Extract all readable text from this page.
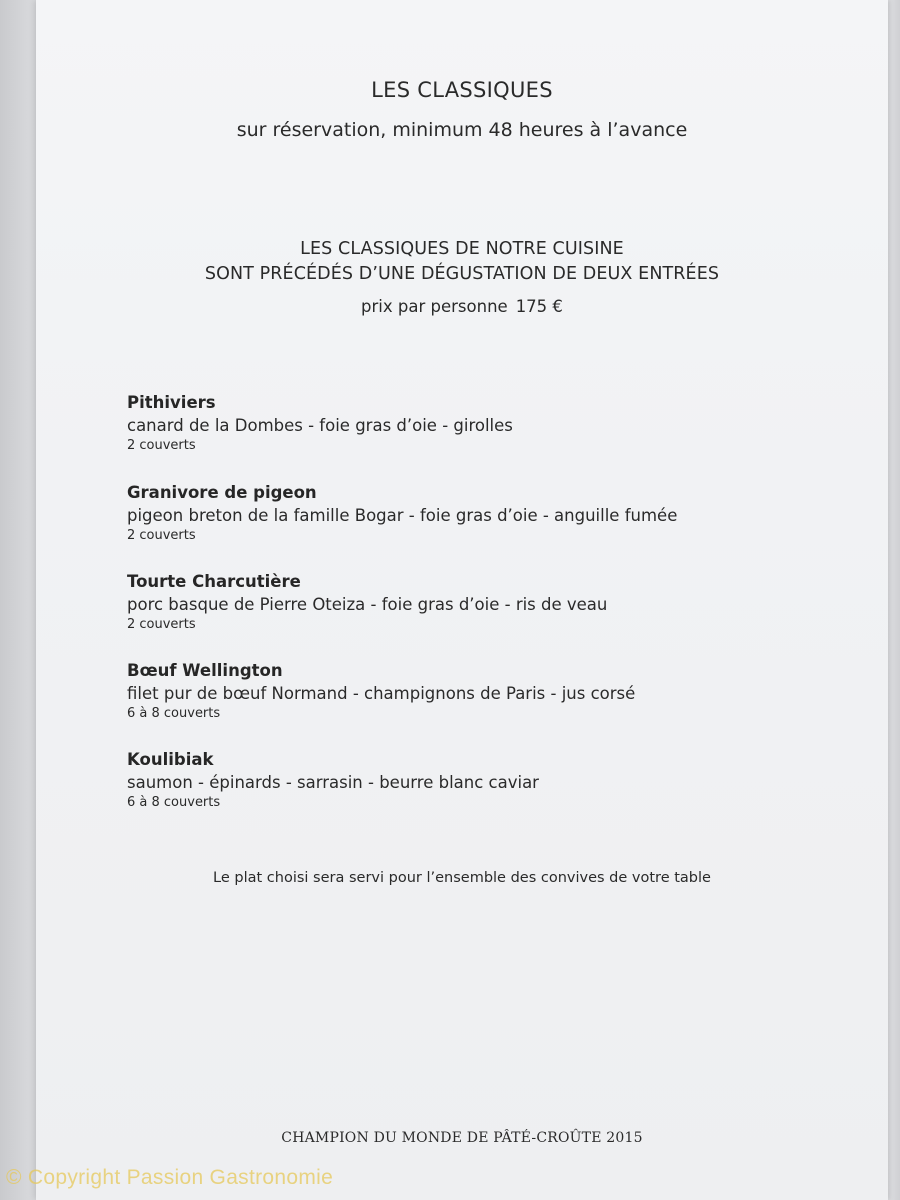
LES CLASSIQUES
sur réservation, minimum 48 heures à l’avance
LES CLASSIQUES DE NOTRE CUISINE
SONT PRÉCÉDÉS D’UNE DÉGUSTATION DE DEUX ENTRÉES
prix par personne 175 €
Pithiviers
canard de la Dombes - foie gras d’oie - girolles
2 couverts
Granivore de pigeon
pigeon breton de la famille Bogar - foie gras d’oie - anguille fumée
2 couverts
Tourte Charcutière
porc basque de Pierre Oteiza - foie gras d’oie - ris de veau
2 couverts
Bœuf Wellington
filet pur de bœuf Normand - champignons de Paris - jus corsé
6 à 8 couverts
Koulibiak
saumon - épinards - sarrasin - beurre blanc caviar
6 à 8 couverts
Le plat choisi sera servi pour l’ensemble des convives de votre table
CHAMPION DU MONDE DE PÂTÉ-CROÛTE 2015
© Copyright Passion Gastronomie
